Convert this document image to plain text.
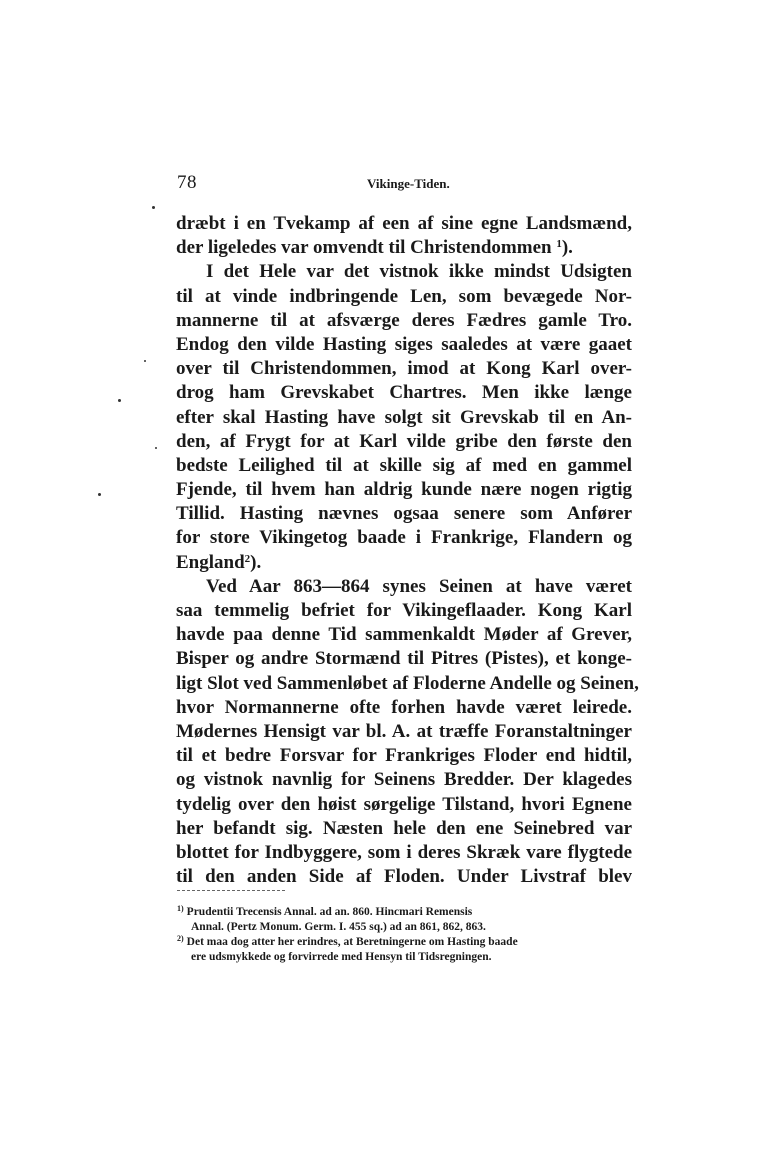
78	Vikinge-Tiden.
dræbt i en Tvekamp af een af sine egne Landsmænd,
der ligeledes var omvendt til Christendommen $^1$).
I det Hele var det vistnok ikke mindst Udsigten
til at vinde indbringende Len, som bevægede Nor-
mannerne til at afsværge deres Fædres gamle Tro.
Endog den vilde Hasting siges saaledes at være gaaet
over til Christendommen, imod at Kong Karl over-
drog ham Grevskabet Chartres. Men ikke længe
efter skal Hasting have solgt sit Grevskab til en An-
den, af Frygt for at Karl vilde gribe den første den
bedste Leilighed til at skille sig af med en gammel
Fjende, til hvem han aldrig kunde nære nogen rigtig
Tillid. Hasting nævnes ogsaa senere som Anfører
for store Vikingetog baade i Frankrige, Flandern og
England$^2$).
Ved Aar 863—864 synes Seinen at have været
saa temmelig befriet for Vikingeflaader. Kong Karl
havde paa denne Tid sammenkaldt Møder af Grever,
Bisper og andre Stormænd til Pitres (Pistes), et konge-
ligt Slot ved Sammenløbet af Floderne Andelle og Seinen,
hvor Normannerne ofte forhen havde været leirede.
Mødernes Hensigt var bl. A. at træffe Foranstaltninger
til et bedre Forsvar for Frankriges Floder end hidtil,
og vistnok navnlig for Seinens Bredder. Der klagedes
tydelig over den høist sørgelige Tilstand, hvori Egnene
her befandt sig. Næsten hele den ene Seinebred var
blottet for Indbyggere, som i deres Skræk vare flygtede
til den anden Side af Floden. Under Livstraf blev
$^{1)}$ Prudentii Trecensis Annal. ad an. 860. Hincmari Remensis
Annal. (Pertz Monum. Germ. I. 455 sq.) ad an 861, 862, 863.
$^{2)}$ Det maa dog atter her erindres, at Beretningerne om Hasting baade
ere udsmykkede og forvirrede med Hensyn til Tidsregningen.
